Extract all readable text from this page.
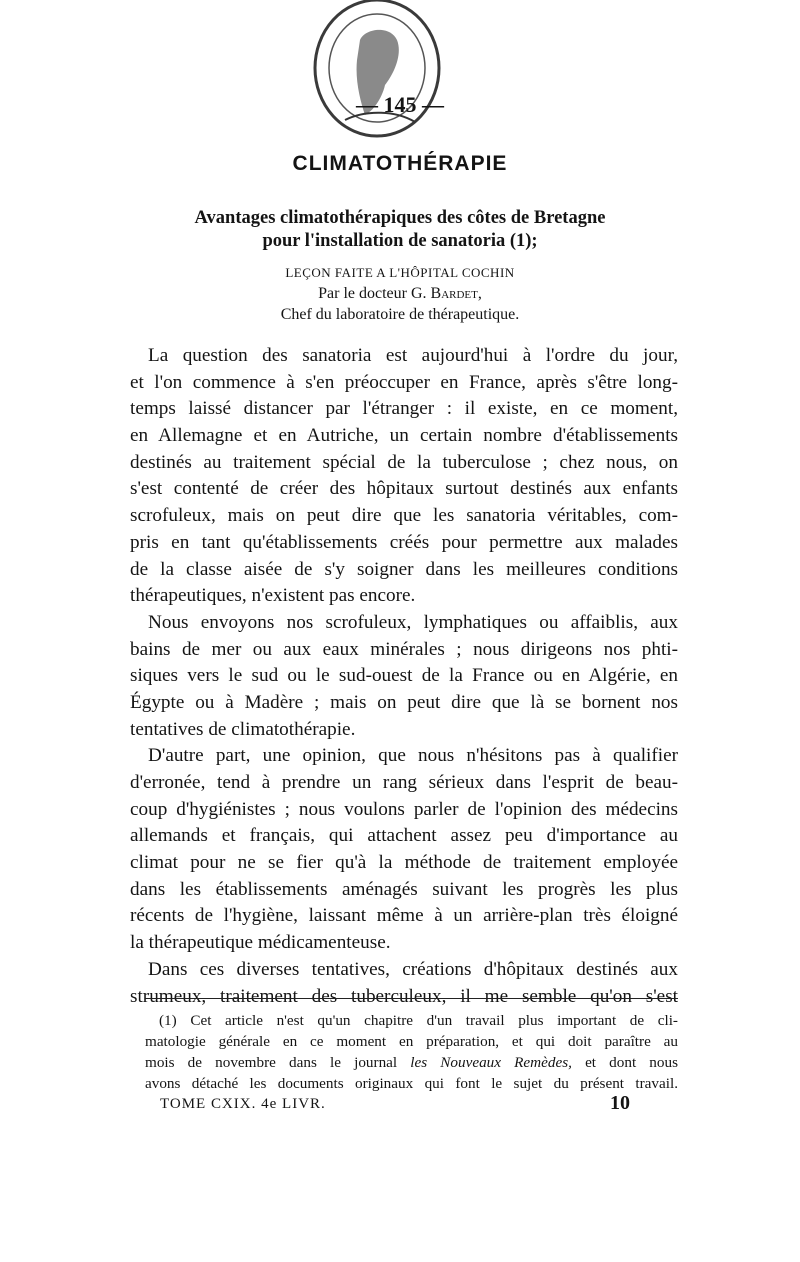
— 145 —
CLIMATOTHÉRAPIE
Avantages climatothérapiques des côtes de Bretagne
pour l'installation de sanatoria (1);
LEÇON FAITE A L'HÔPITAL COCHIN
Par le docteur G. Bardet,
Chef du laboratoire de thérapeutique.
La question des sanatoria est aujourd'hui à l'ordre du jour,
et l'on commence à s'en préoccuper en France, après s'être long-
temps laissé distancer par l'étranger : il existe, en ce moment,
en Allemagne et en Autriche, un certain nombre d'établissements
destinés au traitement spécial de la tuberculose ; chez nous, on
s'est contenté de créer des hôpitaux surtout destinés aux enfants
scrofuleux, mais on peut dire que les sanatoria véritables, com-
pris en tant qu'établissements créés pour permettre aux malades
de la classe aisée de s'y soigner dans les meilleures conditions
thérapeutiques, n'existent pas encore.
Nous envoyons nos scrofuleux, lymphatiques ou affaiblis, aux
bains de mer ou aux eaux minérales ; nous dirigeons nos phti-
siques vers le sud ou le sud-ouest de la France ou en Algérie, en
Égypte ou à Madère ; mais on peut dire que là se bornent nos
tentatives de climatothérapie.
D'autre part, une opinion, que nous n'hésitons pas à qualifier
d'erronée, tend à prendre un rang sérieux dans l'esprit de beau-
coup d'hygiénistes ; nous voulons parler de l'opinion des médecins
allemands et français, qui attachent assez peu d'importance au
climat pour ne se fier qu'à la méthode de traitement employée
dans les établissements aménagés suivant les progrès les plus
récents de l'hygiène, laissant même à un arrière-plan très éloigné
la thérapeutique médicamenteuse.
Dans ces diverses tentatives, créations d'hôpitaux destinés aux
strumeux, traitement des tuberculeux, il me semble qu'on s'est
(1) Cet article n'est qu'un chapitre d'un travail plus important de cli-
matologie générale en ce moment en préparation, et qui doit paraître au
mois de novembre dans le journal les Nouveaux Remèdes, et dont nous
avons détaché les documents originaux qui font le sujet du présent travail.
TOME CXIX. 4e LIVR.	10
